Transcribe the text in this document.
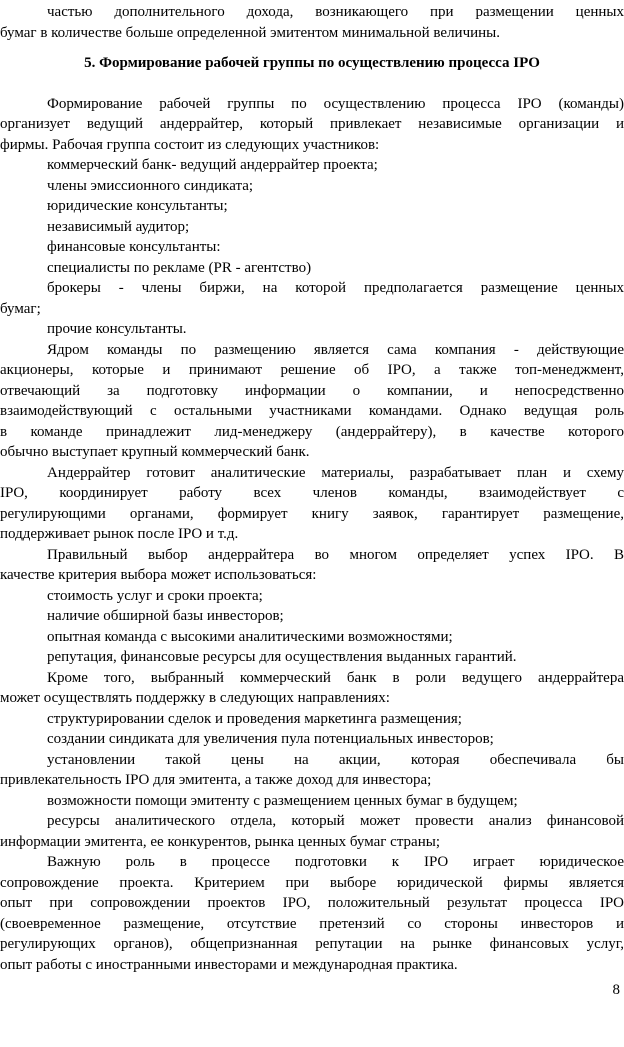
частью дополнительного дохода, возникающего при размещении ценных
бумаг в количестве больше определенной эмитентом минимальной величины.
5. Формирование рабочей группы по осуществлению процесса IPO
Формирование рабочей группы по осуществлению процесса IPO (команды)
организует ведущий андеррайтер, который привлекает независимые организации и
фирмы. Рабочая группа состоит из следующих участников:
коммерческий банк- ведущий андеррайтер проекта;
члены эмиссионного синдиката;
юридические консультанты;
независимый аудитор;
финансовые консультанты:
специалисты по рекламе (PR - агентство)
брокеры - члены биржи, на которой предполагается размещение ценных
бумаг;
прочие консультанты.
Ядром команды по размещению является сама компания - действующие
акционеры, которые и принимают решение об IPO, а также топ-менеджмент,
отвечающий за подготовку информации о компании, и непосредственно
взаимодействующий с остальными участниками командами. Однако ведущая роль
в команде принадлежит лид-менеджеру (андеррайтеру), в качестве которого
обычно выступает крупный коммерческий банк.
Андеррайтер готовит аналитические материалы, разрабатывает план и схему
IPO, координирует работу всех членов команды, взаимодействует с
регулирующими органами, формирует книгу заявок, гарантирует размещение,
поддерживает рынок после IPO и т.д.
Правильный выбор андеррайтера во многом определяет успех IPO. В
качестве критерия выбора может использоваться:
стоимость услуг и сроки проекта;
наличие обширной базы инвесторов;
опытная команда с высокими аналитическими возможностями;
репутация, финансовые ресурсы для осуществления выданных гарантий.
Кроме того, выбранный коммерческий банк в роли ведущего андеррайтера
может осуществлять поддержку в следующих направлениях:
структурировании сделок и проведения маркетинга размещения;
создании синдиката для увеличения пула потенциальных инвесторов;
установлении такой цены на акции, которая обеспечивала бы
привлекательность IPO для эмитента, а также доход для инвестора;
возможности помощи эмитенту с размещением ценных бумаг в будущем;
ресурсы аналитического отдела, который может провести анализ финансовой
информации эмитента, ее конкурентов, рынка ценных бумаг страны;
Важную роль в процессе подготовки к IPO играет юридическое
сопровождение проекта. Критерием при выборе юридической фирмы является
опыт при сопровождении проектов IPO, положительный результат процесса IPO
(своевременное размещение, отсутствие претензий со стороны инвесторов и
регулирующих органов), общепризнанная репутации на рынке финансовых услуг,
опыт работы с иностранными инвесторами и международная практика.
8
